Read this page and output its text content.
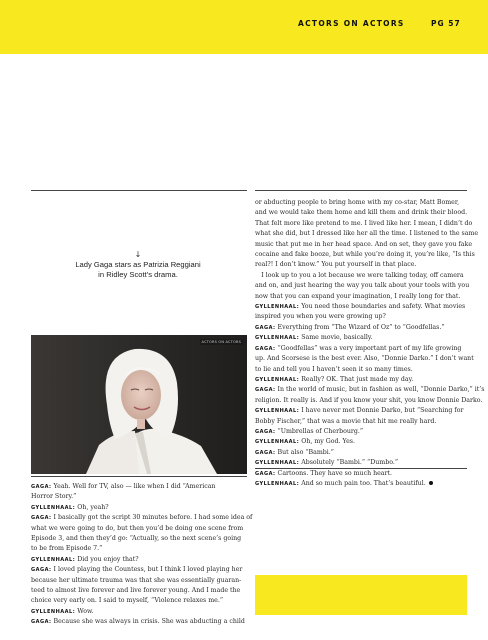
ACTORS ON ACTORS	PG 57
↓
Lady Gaga stars as Patrizia Reggiani
in Ridley Scott’s drama.
ACTORS ON ACTORS

GAGA: Yeah. Well for TV, also — like when I did “American

Horror Story.”

GYLLENHAAL: Oh, yeah?

GAGA: I basically got the script 30 minutes before. I had some idea of

what we were going to do, but then you’d be doing one scene from

Episode 3, and then they’d go: “Actually, so the next scene’s going

to be from Episode 7.”

GYLLENHAAL: Did you enjoy that?

GAGA: I loved playing the Countess, but I think I loved playing her

because her ultimate trauma was that she was essentially guaran-

teed to almost live forever and live forever young. And I made the

choice very early on. I said to myself, “Violence relaxes me.”

GYLLENHAAL: Wow.

GAGA: Because she was always in crisis. She was abducting a child

or abducting people to bring home with my co-star, Matt Bomer,

and we would take them home and kill them and drink their blood.

That felt more like pretend to me. I lived like her. I mean, I didn’t do

what she did, but I dressed like her all the time. I listened to the same

music that put me in her head space. And on set, they gave you fake

cocaine and fake booze, but while you’re doing it, you’re like, “Is this

real?! I don’t know.” You put yourself in that place.

 I look up to you a lot because we were talking today, off camera

and on, and just hearing the way you talk about your tools with you

now that you can expand your imagination, I really long for that.

GYLLENHAAL: You need those boundaries and safety. What movies

inspired you when you were growing up?

GAGA: Everything from “The Wizard of Oz” to “Goodfellas.”

GYLLENHAAL: Same movie, basically.

GAGA: “Goodfellas” was a very important part of my life growing

up. And Scorsese is the best ever. Also, “Donnie Darko.” I don’t want

to lie and tell you I haven’t seen it so many times.

GYLLENHAAL: Really? OK. That just made my day.

GAGA: In the world of music, but in fashion as well, “Donnie Darko,” it’s

religion. It really is. And if you know your shit, you know Donnie Darko.

GYLLENHAAL: I have never met Donnie Darko, but “Searching for

Bobby Fischer,” that was a movie that hit me really hard.

GAGA: “Umbrellas of Cherbourg.”

GYLLENHAAL: Oh, my God. Yes.

GAGA: But also “Bambi.”

GYLLENHAAL: Absolutely “Bambi.” “Dumbo.”

GAGA: Cartoons. They have so much heart.

GYLLENHAAL: And so much pain too. That’s beautiful.
